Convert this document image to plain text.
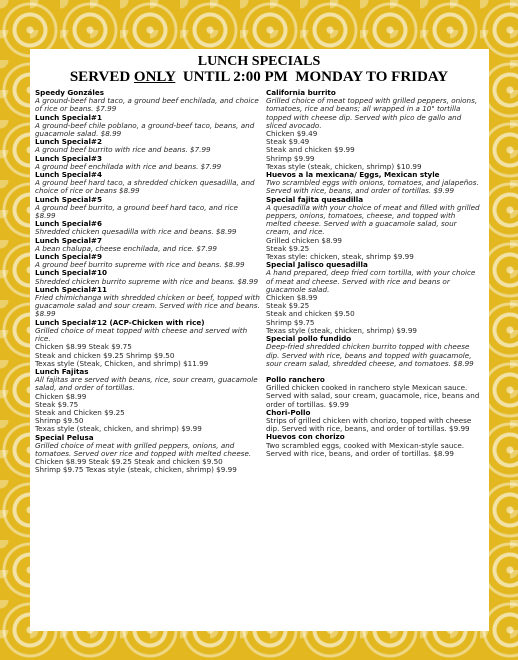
LUNCH SPECIALS
SERVED ONLY  UNTIL 2:00 PM  MONDAY TO FRIDAY
Speedy Gonzáles
A ground-beef hard taco, a ground beef enchilada, and choice of rice or beans. $7.99
Lunch Special#1
A ground-beef chile poblano, a ground-beef taco, beans, and guacamole salad. $8.99
Lunch Special#2
A ground beef burrito with rice and beans. $7.99
Lunch Special#3
A ground beef enchilada with rice and beans. $7.99
Lunch Special#4
A ground beef hard taco, a shredded chicken quesadilla, and choice of rice or beans $8.99
Lunch Special#5
A ground beef burrito, a ground beef hard taco, and rice $8.99
Lunch Special#6
Shredded chicken quesadilla with rice and beans. $8.99
Lunch Special#7
A bean chalupa, cheese enchilada, and rice. $7.99
Lunch Special#9
A ground beef burrito supreme with rice and beans. $8.99
Lunch Special#10
Shredded chicken burrito supreme with rice and beans. $8.99
Lunch Special#11
Fried chimichanga with shredded chicken or beef, topped with guacamole salad and sour cream. Served with rice and beans. $8.99
Lunch Special#12 (ACP-Chicken with rice)
Grilled choice of meat topped with cheese and served with rice.
Chicken $8.99 Steak $9.75
Steak and chicken $9.25 Shrimp $9.50
Texas style (Steak, Chicken, and shrimp) $11.99
Lunch Fajitas
All fajitas are served with beans, rice, sour cream, guacamole salad, and order of tortillas.
Chicken $8.99
Steak $9.75
Steak and Chicken $9.25
Shrimp $9.50
Texas style (steak, chicken, and shrimp) $9.99
Special Pelusa
Grilled choice of meat with grilled peppers, onions, and tomatoes. Served over rice and topped with melted cheese.
Chicken $8.99 Steak $9.25 Steak and chicken $9.50
Shrimp $9.75 Texas style (steak, chicken, shrimp) $9.99
California burrito
Grilled choice of meat topped with grilled peppers, onions, tomatoes, rice and beans; all wrapped in a 10" tortilla topped with cheese dip. Served with pico de gallo and sliced avocado.
Chicken $9.49
Steak $9.49
Steak and chicken $9.99
Shrimp $9.99
Texas style (steak, chicken, shrimp) $10.99
Huevos a la mexicana/ Eggs, Mexican style
Two scrambled eggs with onions, tomatoes, and jalapeños. Served with rice, beans, and order of tortillas. $9.99
Special fajita quesadilla
A quesadilla with your choice of meat and filled with grilled peppers, onions, tomatoes, cheese, and topped with melted cheese. Served with a guacamole salad, sour cream, and rice.
Grilled chicken $8.99
Steak $9.25
Texas style: chicken, steak, shrimp $9.99
Special Jalisco quesadilla
A hand prepared, deep fried corn tortilla, with your choice of meat and cheese. Served with rice and beans or guacamole salad.
Chicken $8.99
Steak $9.25
Steak and chicken $9.50
Shrimp $9.75
Texas style (steak, chicken, shrimp) $9.99
Special pollo fundido
Deep-fried shredded chicken burrito topped with cheese dip. Served with rice, beans and topped with guacamole, sour cream salad, shredded cheese, and tomatoes. $8.99
Pollo ranchero
Grilled chicken cooked in ranchero style Mexican sauce. Served with salad, sour cream, guacamole, rice, beans and order of tortillas. $9.99
Chori-Pollo
Strips of grilled chicken with chorizo, topped with cheese dip. Served with rice, beans, and order of tortillas. $9.99
Huevos con chorizo
Two scrambled eggs, cooked with Mexican-style sauce. Served with rice, beans, and order of tortillas. $8.99
